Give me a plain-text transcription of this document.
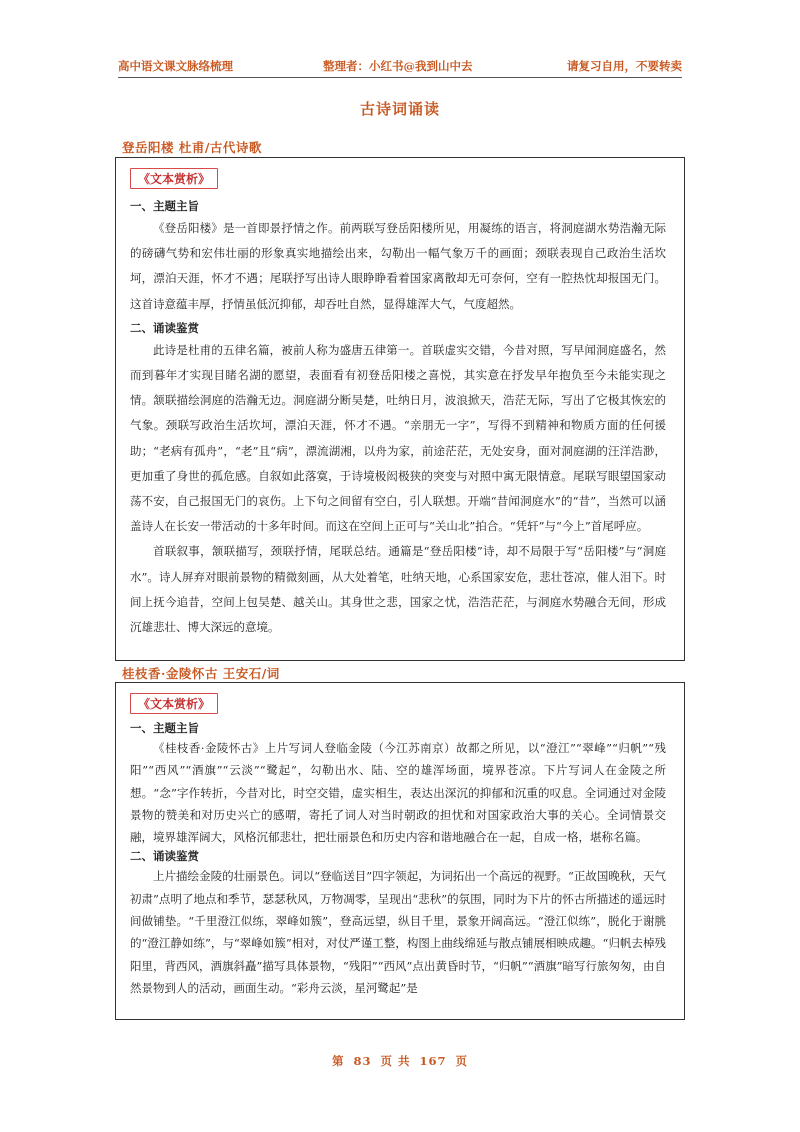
高中语文课文脉络梳理	整理者：小红书@我到山中去	请复习自用，不要转卖
古诗词诵读
登岳阳楼 杜甫/古代诗歌
《文本赏析》

一、主题主旨

《登岳阳楼》是一首即景抒情之作。前两联写登岳阳楼所见，用凝练的语言，将洞庭湖水势浩瀚无际的磅礴气势和宏伟壮丽的形象真实地描绘出来，勾勒出一幅气象万千的画面；颈联表现自己政治生活坎坷，漂泊天涯，怀才不遇；尾联抒写出诗人眼睁睁看着国家离散却无可奈何，空有一腔热忱却报国无门。这首诗意蕴丰厚，抒情虽低沉抑郁，却吞吐自然，显得雄浑大气，气度超然。

二、诵读鉴赏

此诗是杜甫的五律名篇，被前人称为盛唐五律第一。首联虚实交错，今昔对照，写早闻洞庭盛名，然而到暮年才实现目睹名湖的愿望，表面看有初登岳阳楼之喜悦，其实意在抒发早年抱负至今未能实现之情。颔联描绘洞庭的浩瀚无边。洞庭湖分断吴楚，吐纳日月，波浪掀天，浩茫无际，写出了它极其恢宏的气象。颈联写政治生活坎坷，漂泊天涯，怀才不遇。“亲朋无一字”，写得不到精神和物质方面的任何援助；“老病有孤舟”，“老”且“病”，漂流湖湘，以舟为家，前途茫茫，无处安身，面对洞庭湖的汪洋浩渺，更加重了身世的孤危感。自叙如此落寞，于诗境极闳极狭的突变与对照中寓无限情意。尾联写眼望国家动荡不安，自己报国无门的哀伤。上下句之间留有空白，引人联想。开端“昔闻洞庭水”的“昔”，当然可以涵盖诗人在长安一带活动的十多年时间。而这在空间上正可与“关山北”拍合。“凭轩”与“今上”首尾呼应。

首联叙事，颔联描写，颈联抒情，尾联总结。通篇是“登岳阳楼”诗，却不局限于写“岳阳楼”与“洞庭水”。诗人屏弃对眼前景物的精微刻画，从大处着笔，吐纳天地，心系国家安危，悲壮苍凉，催人泪下。时间上抚今追昔，空间上包吴楚、越关山。其身世之悲，国家之忧，浩浩茫茫，与洞庭水势融合无间，形成沉雄悲壮、博大深远的意境。

桂枝香·金陵怀古 王安石/词
《文本赏析》

一、主题主旨

《桂枝香·金陵怀古》上片写词人登临金陵（今江苏南京）故都之所见，以“澄江”“翠峰”“归帆”“残阳”“西风”“酒旗”“云淡”“鹭起”，勾勒出水、陆、空的雄浑场面，境界苍凉。下片写词人在金陵之所想。“念”字作转折，今昔对比，时空交错，虚实相生，表达出深沉的抑郁和沉重的叹息。全词通过对金陵景物的赞美和对历史兴亡的感喟，寄托了词人对当时朝政的担忧和对国家政治大事的关心。全词情景交融，境界雄浑阔大，风格沉郁悲壮，把壮丽景色和历史内容和谐地融合在一起，自成一格，堪称名篇。

二、诵读鉴赏

上片描绘金陵的壮丽景色。词以“登临送目”四字领起，为词拓出一个高远的视野。“正故国晚秋，天气初肃”点明了地点和季节，瑟瑟秋风，万物凋零，呈现出“悲秋”的氛围，同时为下片的怀古所描述的遥远时间做铺垫。“千里澄江似练，翠峰如簇”，登高远望，纵目千里，景象开阔高远。“澄江似练”，脱化于谢朓的“澄江静如练”，与“翠峰如簇”相对，对仗严谨工整，构图上曲线绵延与散点铺展相映成趣。“归帆去棹残阳里，背西风，酒旗斜矗”描写具体景物，“残阳”“西风”点出黄昏时节，“归帆”“酒旗”暗写行旅匆匆，由自然景物到人的活动，画面生动。“彩舟云淡，星河鹭起”是

第 83 页 共 167 页
